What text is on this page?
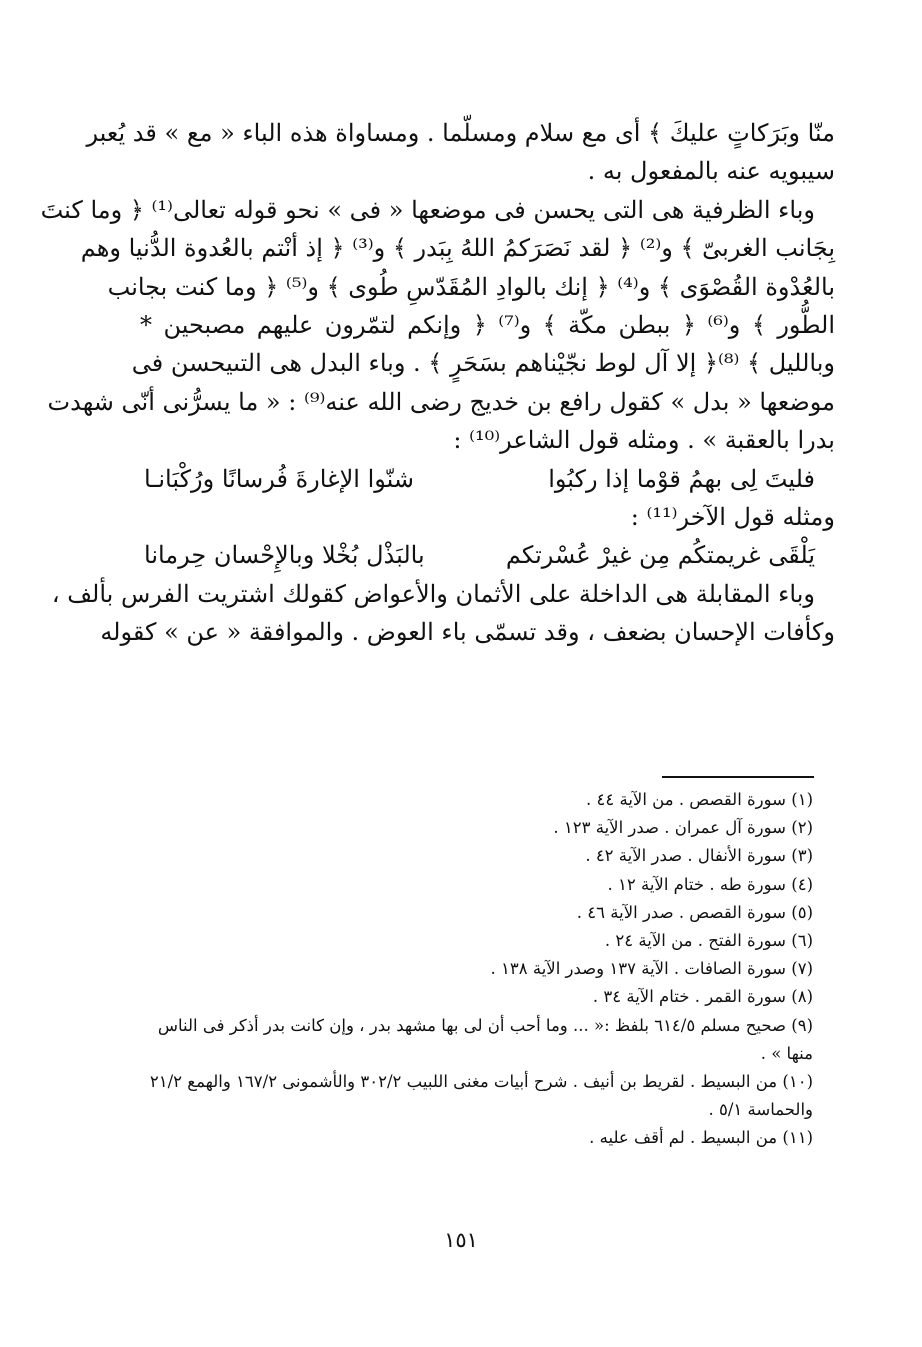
منّا وبَرَكاتٍ عليكَ ﴾ أى مع سلام ومسلّما . ومساواة هذه الباء « مع » قد يُعبر
سيبويه عنه بالمفعول به .
وباء الظرفية هى التى يحسن فى موضعها « فى » نحو قوله تعالى⁽¹⁾ ﴿ وما كنتَ
بِجَانب الغربىّ ﴾ و⁽²⁾ ﴿ لقد نَصَرَكمُ اللهُ بِبَدر ﴾ و⁽³⁾ ﴿ إذ أنْتم بالعُدوة الدُّنيا وهم
بالعُدْوة القُصْوَى ﴾ و⁽⁴⁾ ﴿ إنك بالوادِ المُقَدّسِ طُوى ﴾ و⁽⁵⁾ ﴿ وما كنت بجانب
الطُّور ﴾ و⁽⁶⁾ ﴿ ببطن مكّة ﴾ و⁽⁷⁾ ﴿ وإنكم لتمّرون عليهم مصبحين *
وبالليل ﴾ ⁽⁸⁾﴿ إلا آل لوط نجّيْناهم بسَحَرٍ ﴾ . وباء البدل هى التىيحسن فى
موضعها « بدل » كقول رافع بن خديج رضى الله عنه⁽⁹⁾ : « ما يسرُّنى أنّى شهدت
بدرا بالعقبة » . ومثله قول الشاعر⁽¹⁰⁾ :
فليتَ لِى بهمُ قوْما إذا ركبُوا
شنّوا الإغارةَ فُرسانًا ورُكْبَانـا
ومثله قول الآخر⁽¹¹⁾ :
يَلْقَى غريمتكُم مِن غيرْ عُسْرتكم
بالبَذْل بُخْلا وبالإِحْسان حِرمانا
وباء المقابلة هى الداخلة على الأثمان والأعواض كقولك اشتريت الفرس بألف ،
وكأفات الإحسان بضعف ، وقد تسمّى باء العوض . والموافقة « عن » كقوله
(١) سورة القصص . من الآية ٤٤ .
(٢) سورة آل عمران . صدر الآية ١٢٣ .
(٣) سورة الأنفال . صدر الآية ٤٢ .
(٤) سورة طه . ختام الآية ١٢ .
(٥) سورة القصص . صدر الآية ٤٦ .
(٦) سورة الفتح . من الآية ٢٤ .
(٧) سورة الصافات . الآية ١٣٧ وصدر الآية ١٣٨ .
(٨) سورة القمر . ختام الآية ٣٤ .
(٩) صحيح مسلم ٦١٤/٥ بلفظ :« ... وما أحب أن لى بها مشهد بدر ، وإن كانت بدر أذكر فى الناس
منها » .
(١٠) من البسيط . لقريط بن أنيف . شرح أبيات مغنى اللبيب ٣٠٢/٢ والأشمونى ١٦٧/٢ والهمع ٢١/٢
والحماسة ٥/١ .
(١١) من البسيط . لم أقف عليه .
١٥١
